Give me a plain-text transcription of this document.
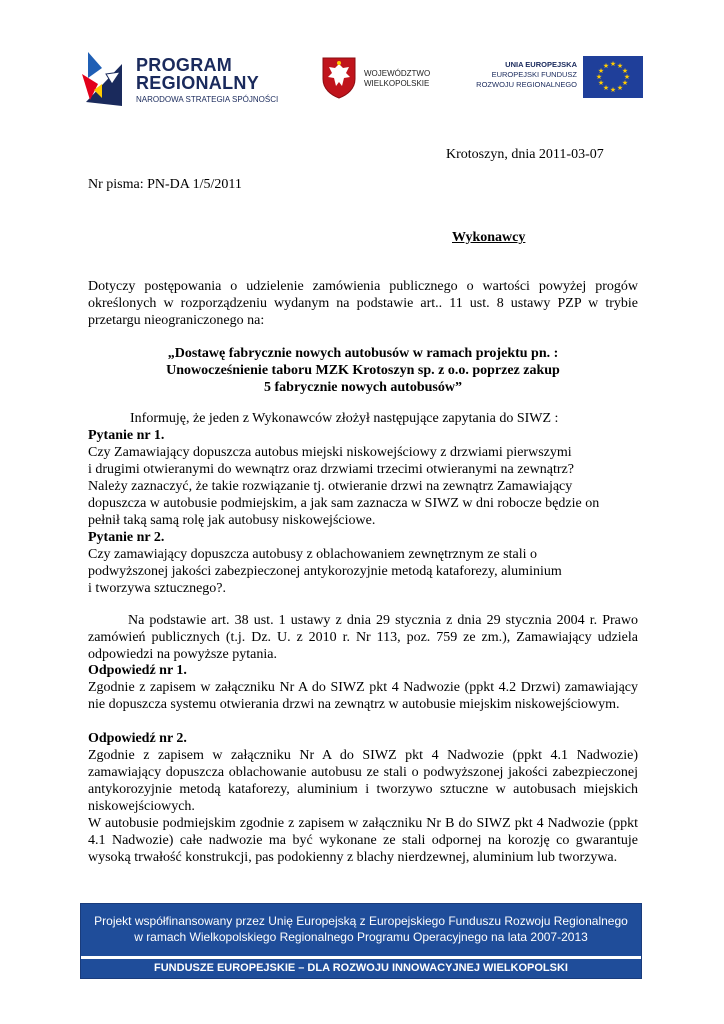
PROGRAM
REGIONALNY
NARODOWA STRATEGIA SPÓJNOŚCI
WOJEWÓDZTWO
WIELKOPOLSKIE
UNIA EUROPEJSKA
EUROPEJSKI FUNDUSZ
ROZWOJU REGIONALNEGO
★ ★
★
★
★
★
★
★
★
★
★
★
Krotoszyn, dnia 2011-03-07
Nr pisma: PN-DA 1/5/2011
Wykonawcy
Dotyczy postępowania o udzielenie zamówienia publicznego o wartości powyżej progów określonych w rozporządzeniu wydanym na podstawie art.. 11 ust. 8 ustawy PZP w trybie przetargu nieograniczonego na:
„Dostawę fabrycznie nowych autobusów w ramach projektu pn. :
Unowocześnienie taboru MZK Krotoszyn sp. z o.o. poprzez zakup
5 fabrycznie nowych autobusów”
Informuję, że jeden z Wykonawców złożył następujące zapytania do SIWZ :
Pytanie nr 1.
Czy Zamawiający dopuszcza autobus miejski niskowejściowy z drzwiami pierwszymi
i drugimi otwieranymi do wewnątrz oraz drzwiami trzecimi otwieranymi na zewnątrz?
Należy zaznaczyć, że takie rozwiązanie tj. otwieranie drzwi na zewnątrz Zamawiający
dopuszcza w autobusie podmiejskim, a jak sam zaznacza w SIWZ w dni robocze będzie on
pełnił taką samą rolę jak autobusy niskowejściowe.
Pytanie nr 2.
Czy zamawiający dopuszcza autobusy z oblachowaniem zewnętrznym ze stali o
podwyższonej jakości zabezpieczonej antykorozyjnie metodą kataforezy, aluminium
i tworzywa sztucznego?.
Na podstawie art. 38 ust. 1 ustawy z dnia 29 stycznia z dnia 29 stycznia 2004 r. Prawo zamówień publicznych (t.j. Dz. U. z 2010 r. Nr 113, poz. 759 ze zm.), Zamawiający udziela odpowiedzi na powyższe pytania.
Odpowiedź nr 1.
Zgodnie z zapisem w załączniku Nr A do SIWZ pkt 4 Nadwozie (ppkt 4.2 Drzwi) zamawiający nie dopuszcza systemu otwierania drzwi na zewnątrz w autobusie miejskim niskowejściowym.
Odpowiedź nr 2.
Zgodnie z zapisem w załączniku Nr A do SIWZ pkt 4 Nadwozie (ppkt 4.1 Nadwozie) zamawiający dopuszcza oblachowanie autobusu ze stali o podwyższonej jakości zabezpieczonej antykorozyjnie metodą kataforezy, aluminium i tworzywo sztuczne w autobusach miejskich niskowejściowych.
W autobusie podmiejskim zgodnie z zapisem w załączniku Nr B do SIWZ pkt 4 Nadwozie (ppkt 4.1 Nadwozie) całe nadwozie ma być wykonane ze stali odpornej na korozję co gwarantuje wysoką trwałość konstrukcji, pas podokienny z blachy nierdzewnej, aluminium lub tworzywa.
Projekt współfinansowany przez Unię Europejską z Europejskiego Funduszu Rozwoju Regionalnego
w ramach Wielkopolskiego Regionalnego Programu Operacyjnego na lata 2007-2013
FUNDUSZE EUROPEJSKIE – DLA ROZWOJU INNOWACYJNEJ WIELKOPOLSKI
